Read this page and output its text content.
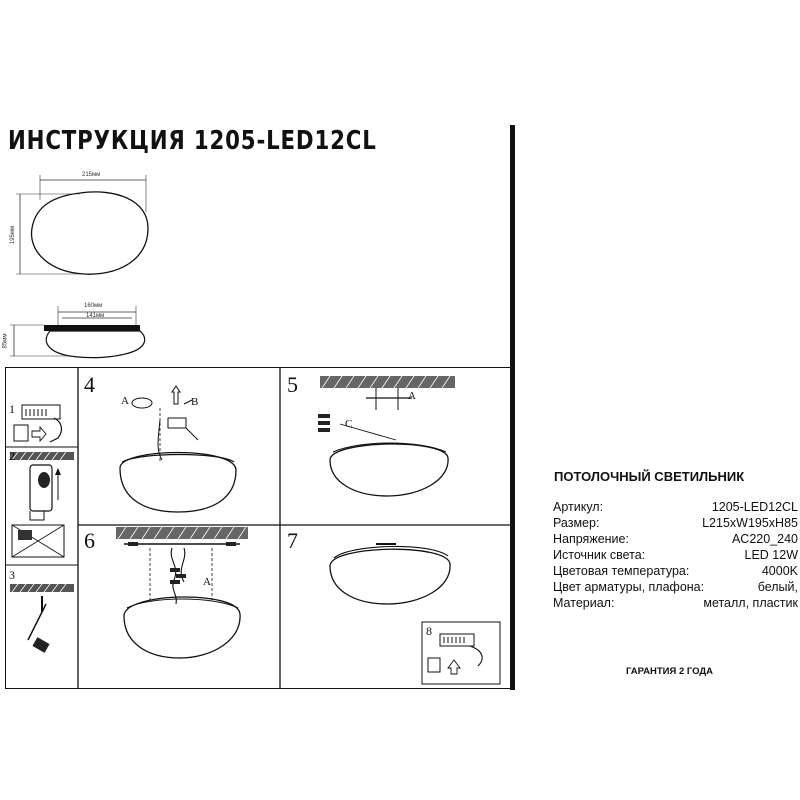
ИНСТРУКЦИЯ 1205-LED12CL
215мм
195мм
160мм
141мм
85мм
1
2
3
8
4	5
6	7
A	B	A
C
A
ПОТОЛОЧНЫЙ СВЕТИЛЬНИК
Артикул:	1205-LED12CL
Размер:	L215xW195xH85
Напряжение:	AC220_240
Источник света:	LED 12W
Цветовая температура:	4000K
Цвет арматуры, плафона:	белый,
Материал:	металл, пластик
ГАРАНТИЯ 2 ГОДА
